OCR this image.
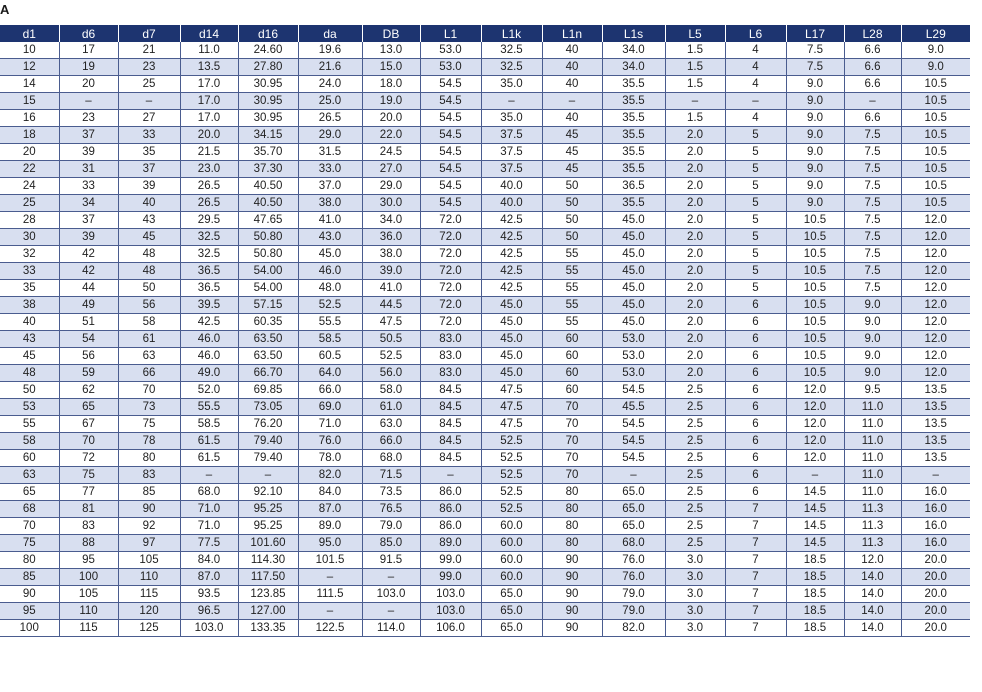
A
d1	d6	d7	d14	d16	da	DB	L1	L1k	L1n	L1s	L5	L6	L17	L28	L29
10	17	21	11.0	24.60	19.6	13.0	53.0	32.5	40	34.0	1.5	4	7.5	6.6	9.0
12	19	23	13.5	27.80	21.6	15.0	53.0	32.5	40	34.0	1.5	4	7.5	6.6	9.0
14	20	25	17.0	30.95	24.0	18.0	54.5	35.0	40	35.5	1.5	4	9.0	6.6	10.5
15	–	–	17.0	30.95	25.0	19.0	54.5	–	–	35.5	–	–	9.0	–	10.5
16	23	27	17.0	30.95	26.5	20.0	54.5	35.0	40	35.5	1.5	4	9.0	6.6	10.5
18	37	33	20.0	34.15	29.0	22.0	54.5	37.5	45	35.5	2.0	5	9.0	7.5	10.5
20	39	35	21.5	35.70	31.5	24.5	54.5	37.5	45	35.5	2.0	5	9.0	7.5	10.5
22	31	37	23.0	37.30	33.0	27.0	54.5	37.5	45	35.5	2.0	5	9.0	7.5	10.5
24	33	39	26.5	40.50	37.0	29.0	54.5	40.0	50	36.5	2.0	5	9.0	7.5	10.5
25	34	40	26.5	40.50	38.0	30.0	54.5	40.0	50	35.5	2.0	5	9.0	7.5	10.5
28	37	43	29.5	47.65	41.0	34.0	72.0	42.5	50	45.0	2.0	5	10.5	7.5	12.0
30	39	45	32.5	50.80	43.0	36.0	72.0	42.5	50	45.0	2.0	5	10.5	7.5	12.0
32	42	48	32.5	50.80	45.0	38.0	72.0	42.5	55	45.0	2.0	5	10.5	7.5	12.0
33	42	48	36.5	54.00	46.0	39.0	72.0	42.5	55	45.0	2.0	5	10.5	7.5	12.0
35	44	50	36.5	54.00	48.0	41.0	72.0	42.5	55	45.0	2.0	5	10.5	7.5	12.0
38	49	56	39.5	57.15	52.5	44.5	72.0	45.0	55	45.0	2.0	6	10.5	9.0	12.0
40	51	58	42.5	60.35	55.5	47.5	72.0	45.0	55	45.0	2.0	6	10.5	9.0	12.0
43	54	61	46.0	63.50	58.5	50.5	83.0	45.0	60	53.0	2.0	6	10.5	9.0	12.0
45	56	63	46.0	63.50	60.5	52.5	83.0	45.0	60	53.0	2.0	6	10.5	9.0	12.0
48	59	66	49.0	66.70	64.0	56.0	83.0	45.0	60	53.0	2.0	6	10.5	9.0	12.0
50	62	70	52.0	69.85	66.0	58.0	84.5	47.5	60	54.5	2.5	6	12.0	9.5	13.5
53	65	73	55.5	73.05	69.0	61.0	84.5	47.5	70	45.5	2.5	6	12.0	11.0	13.5
55	67	75	58.5	76.20	71.0	63.0	84.5	47.5	70	54.5	2.5	6	12.0	11.0	13.5
58	70	78	61.5	79.40	76.0	66.0	84.5	52.5	70	54.5	2.5	6	12.0	11.0	13.5
60	72	80	61.5	79.40	78.0	68.0	84.5	52.5	70	54.5	2.5	6	12.0	11.0	13.5
63	75	83	–	–	82.0	71.5	–	52.5	70	–	2.5	6	–	11.0	–
65	77	85	68.0	92.10	84.0	73.5	86.0	52.5	80	65.0	2.5	6	14.5	11.0	16.0
68	81	90	71.0	95.25	87.0	76.5	86.0	52.5	80	65.0	2.5	7	14.5	11.3	16.0
70	83	92	71.0	95.25	89.0	79.0	86.0	60.0	80	65.0	2.5	7	14.5	11.3	16.0
75	88	97	77.5	101.60	95.0	85.0	89.0	60.0	80	68.0	2.5	7	14.5	11.3	16.0
80	95	105	84.0	114.30	101.5	91.5	99.0	60.0	90	76.0	3.0	7	18.5	12.0	20.0
85	100	110	87.0	117.50	–	–	99.0	60.0	90	76.0	3.0	7	18.5	14.0	20.0
90	105	115	93.5	123.85	111.5	103.0	103.0	65.0	90	79.0	3.0	7	18.5	14.0	20.0
95	110	120	96.5	127.00	–	–	103.0	65.0	90	79.0	3.0	7	18.5	14.0	20.0
100	115	125	103.0	133.35	122.5	114.0	106.0	65.0	90	82.0	3.0	7	18.5	14.0	20.0
